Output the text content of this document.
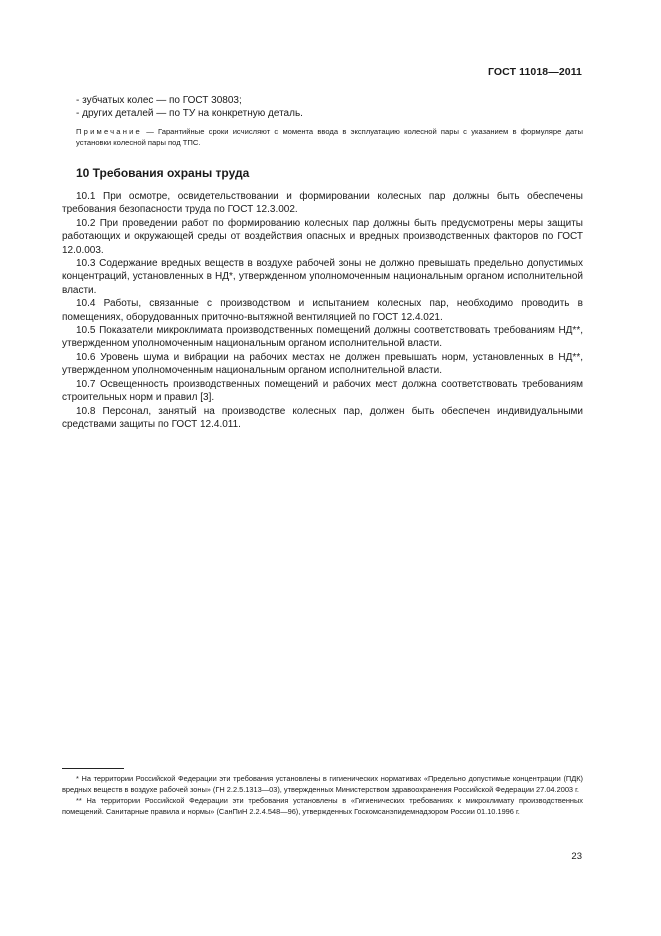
ГОСТ 11018—2011

- зубчатых колес — по ГОСТ 30803;

- других деталей — по ТУ на конкретную деталь.

Примечание — Гарантийные сроки исчисляют с момента ввода в эксплуатацию колесной пары с указанием в формуляре даты установки колесной пары под ТПС.

10 Требования охраны труда

10.1 При осмотре, освидетельствовании и формировании колесных пар должны быть обеспечены требования безопасности труда по ГОСТ 12.3.002.

10.2 При проведении работ по формированию колесных пар должны быть предусмотрены меры защиты работающих и окружающей среды от воздействия опасных и вредных производственных факторов по ГОСТ 12.0.003.

10.3 Содержание вредных веществ в воздухе рабочей зоны не должно превышать предельно допустимых концентраций, установленных в НД*, утвержденном уполномоченным национальным органом исполнительной власти.

10.4 Работы, связанные с производством и испытанием колесных пар, необходимо проводить в помещениях, оборудованных приточно-вытяжной вентиляцией по ГОСТ 12.4.021.

10.5 Показатели микроклимата производственных помещений должны соответствовать требованиям НД**, утвержденном уполномоченным национальным органом исполнительной власти.

10.6 Уровень шума и вибрации на рабочих местах не должен превышать норм, установленных в НД**, утвержденном уполномоченным национальным органом исполнительной власти.

10.7 Освещенность производственных помещений и рабочих мест должна соответствовать требованиям строительных норм и правил [3].

10.8 Персонал, занятый на производстве колесных пар, должен быть обеспечен индивидуальными средствами защиты по ГОСТ 12.4.011.

* На территории Российской Федерации эти требования установлены в гигиенических нормативах «Предельно допустимые концентрации (ПДК) вредных веществ в воздухе рабочей зоны» (ГН 2.2.5.1313—03), утвержденных Министерством здравоохранения Российской Федерации 27.04.2003 г.

** На территории Российской Федерации эти требования установлены в «Гигиенических требованиях к микроклимату производственных помещений. Санитарные правила и нормы» (СанПиН 2.2.4.548—96), утвержденных Госкомсанэпидемнадзором России 01.10.1996 г.

23
